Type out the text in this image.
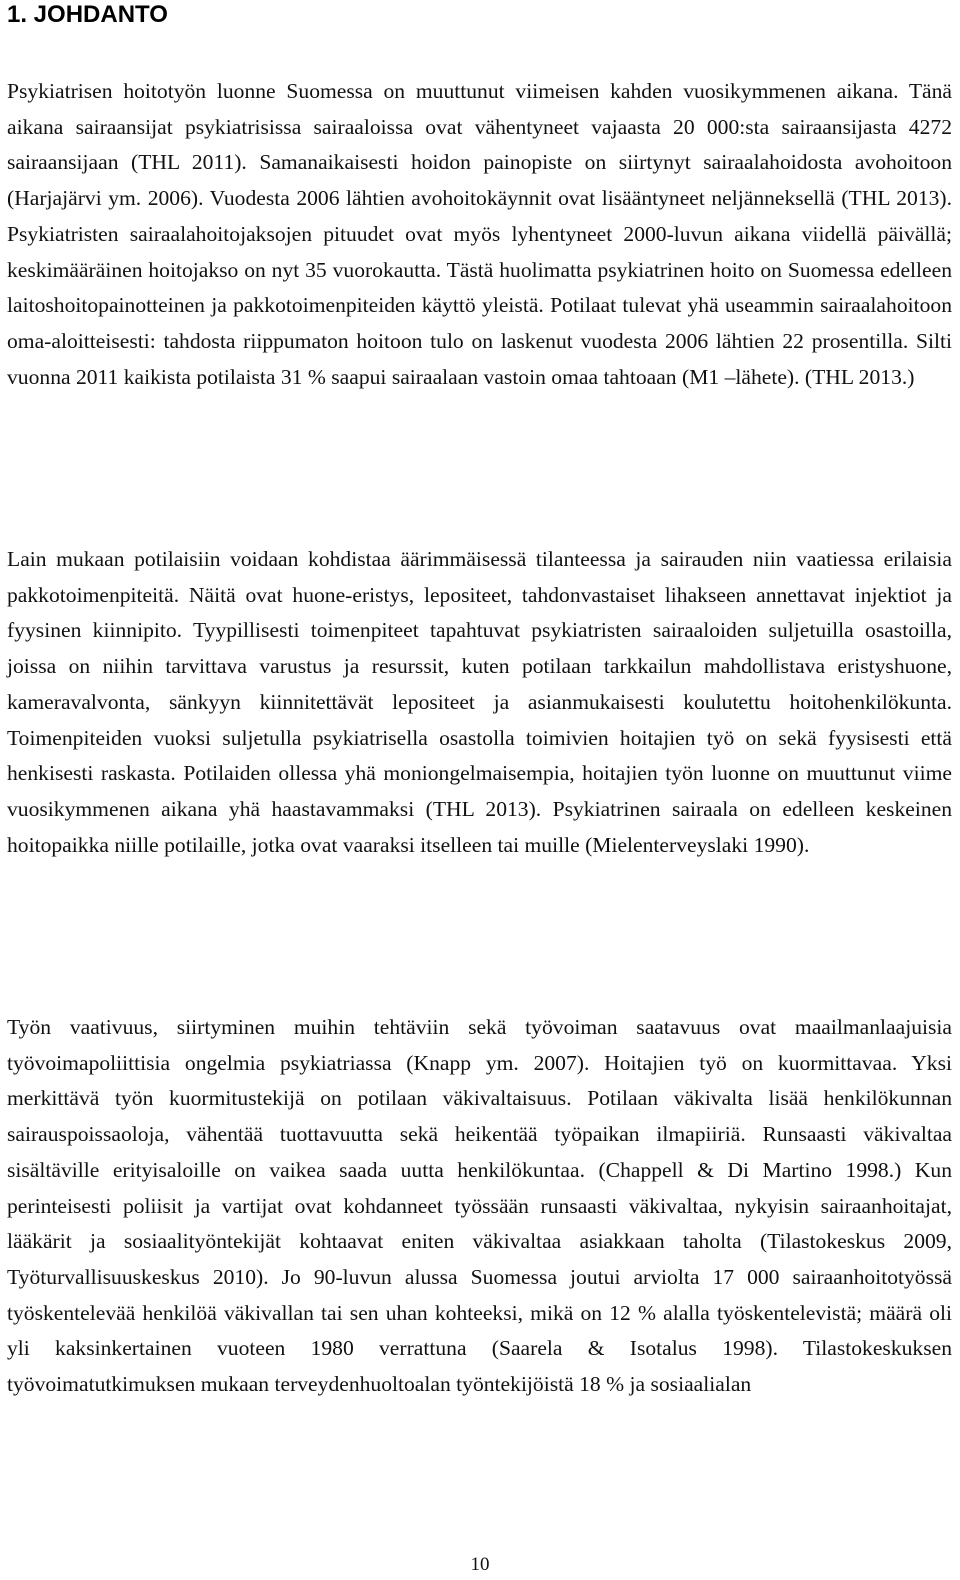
1. JOHDANTO

Psykiatrisen hoitotyön luonne Suomessa on muuttunut viimeisen kahden vuosikymmenen aikana. Tänä aikana sairaansijat psykiatrisissa sairaaloissa ovat vähentyneet vajaasta 20 000:sta sairaansijasta 4272 sairaansijaan (THL 2011). Samanaikaisesti hoidon painopiste on siirtynyt sairaalahoidosta avohoitoon (Harjajärvi ym. 2006). Vuodesta 2006 lähtien avohoitokäynnit ovat lisääntyneet neljänneksellä (THL 2013). Psykiatristen sairaalahoitojaksojen pituudet ovat myös lyhentyneet 2000-luvun aikana viidellä päivällä; keskimääräinen hoitojakso on nyt 35 vuorokautta. Tästä huolimatta psykiatrinen hoito on Suomessa edelleen laitoshoitopainotteinen ja pakkotoimenpiteiden käyttö yleistä. Potilaat tulevat yhä useammin sairaalahoitoon oma-aloitteisesti: tahdosta riippumaton hoitoon tulo on laskenut vuodesta 2006 lähtien 22 prosentilla. Silti vuonna 2011 kaikista potilaista 31 % saapui sairaalaan vastoin omaa tahtoaan (M1 –lähete). (THL 2013.)

Lain mukaan potilaisiin voidaan kohdistaa äärimmäisessä tilanteessa ja sairauden niin vaatiessa erilaisia pakkotoimenpiteitä. Näitä ovat huone-eristys, lepositeet, tahdonvastaiset lihakseen annettavat injektiot ja fyysinen kiinnipito. Tyypillisesti toimenpiteet tapahtuvat psykiatristen sairaaloiden suljetuilla osastoilla, joissa on niihin tarvittava varustus ja resurssit, kuten potilaan tarkkailun mahdollistava eristyshuone, kameravalvonta, sänkyyn kiinnitettävät lepositeet ja asianmukaisesti koulutettu hoitohenkilökunta. Toimenpiteiden vuoksi suljetulla psykiatrisella osastolla toimivien hoitajien työ on sekä fyysisesti että henkisesti raskasta. Potilaiden ollessa yhä moniongelmaisempia, hoitajien työn luonne on muuttunut viime vuosikymmenen aikana yhä haastavammaksi (THL 2013). Psykiatrinen sairaala on edelleen keskeinen hoitopaikka niille potilaille, jotka ovat vaaraksi itselleen tai muille (Mielenterveyslaki 1990).

Työn vaativuus, siirtyminen muihin tehtäviin sekä työvoiman saatavuus ovat maailmanlaajuisia työvoimapoliittisia ongelmia psykiatriassa (Knapp ym. 2007). Hoitajien työ on kuormittavaa. Yksi merkittävä työn kuormitustekijä on potilaan väkivaltaisuus. Potilaan väkivalta lisää henkilökunnan sairauspoissaoloja, vähentää tuottavuutta sekä heikentää työpaikan ilmapiiriä. Runsaasti väkivaltaa sisältäville erityisaloille on vaikea saada uutta henkilökuntaa. (Chappell & Di Martino 1998.) Kun perinteisesti poliisit ja vartijat ovat kohdanneet työssään runsaasti väkivaltaa, nykyisin sairaanhoitajat, lääkärit ja sosiaalityöntekijät kohtaavat eniten väkivaltaa asiakkaan taholta (Tilastokeskus 2009, Työturvallisuuskeskus 2010). Jo 90-luvun alussa Suomessa joutui arviolta 17 000 sairaanhoitotyössä työskentelevää henkilöä väkivallan tai sen uhan kohteeksi, mikä on 12 % alalla työskentelevistä; määrä oli yli kaksinkertainen vuoteen 1980 verrattuna (Saarela & Isotalus 1998). Tilastokeskuksen työvoimatutkimuksen mukaan terveydenhuoltoalan työntekijöistä 18 % ja sosiaalialan

10
